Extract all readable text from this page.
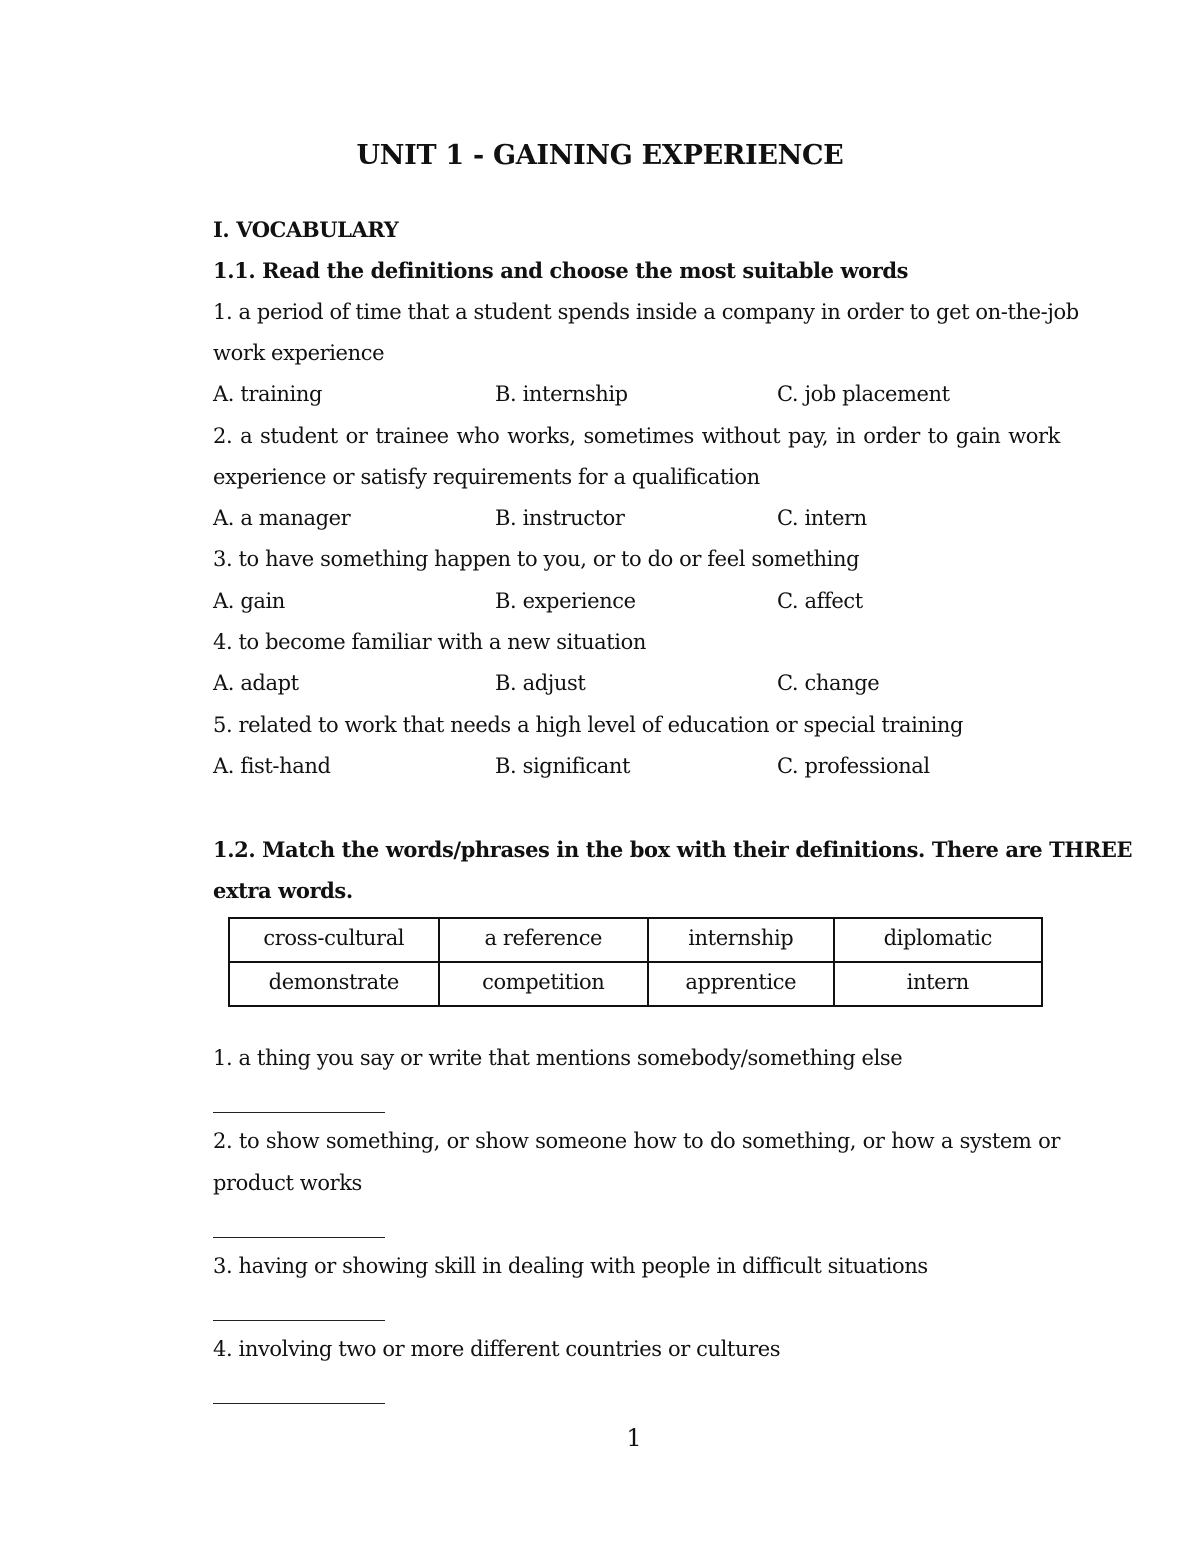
UNIT 1 - GAINING EXPERIENCE
I. VOCABULARY
1.1. Read the definitions and choose the most suitable words
1. a period of time that a student spends inside a company in order to get on-the-job
work experience
A. training	B. internship	C. job placement
2. a student or trainee who works, sometimes without pay, in order to gain work
experience or satisfy requirements for a qualification
A. a manager	B. instructor	C. intern
3. to have something happen to you, or to do or feel something
A. gain	B. experience	C. affect
4. to become familiar with a new situation
A. adapt	B. adjust	C. change
5. related to work that needs a high level of education or special training
A. fist-hand	B. significant	C. professional
1.2. Match the words/phrases in the box with their definitions. There are THREE
extra words.
cross-cultural	a reference	internship	diplomatic
demonstrate	competition	apprentice	intern
1. a thing you say or write that mentions somebody/something else
2. to show something, or show someone how to do something, or how a system or
product works
3. having or showing skill in dealing with people in difficult situations
4. involving two or more different countries or cultures
1
